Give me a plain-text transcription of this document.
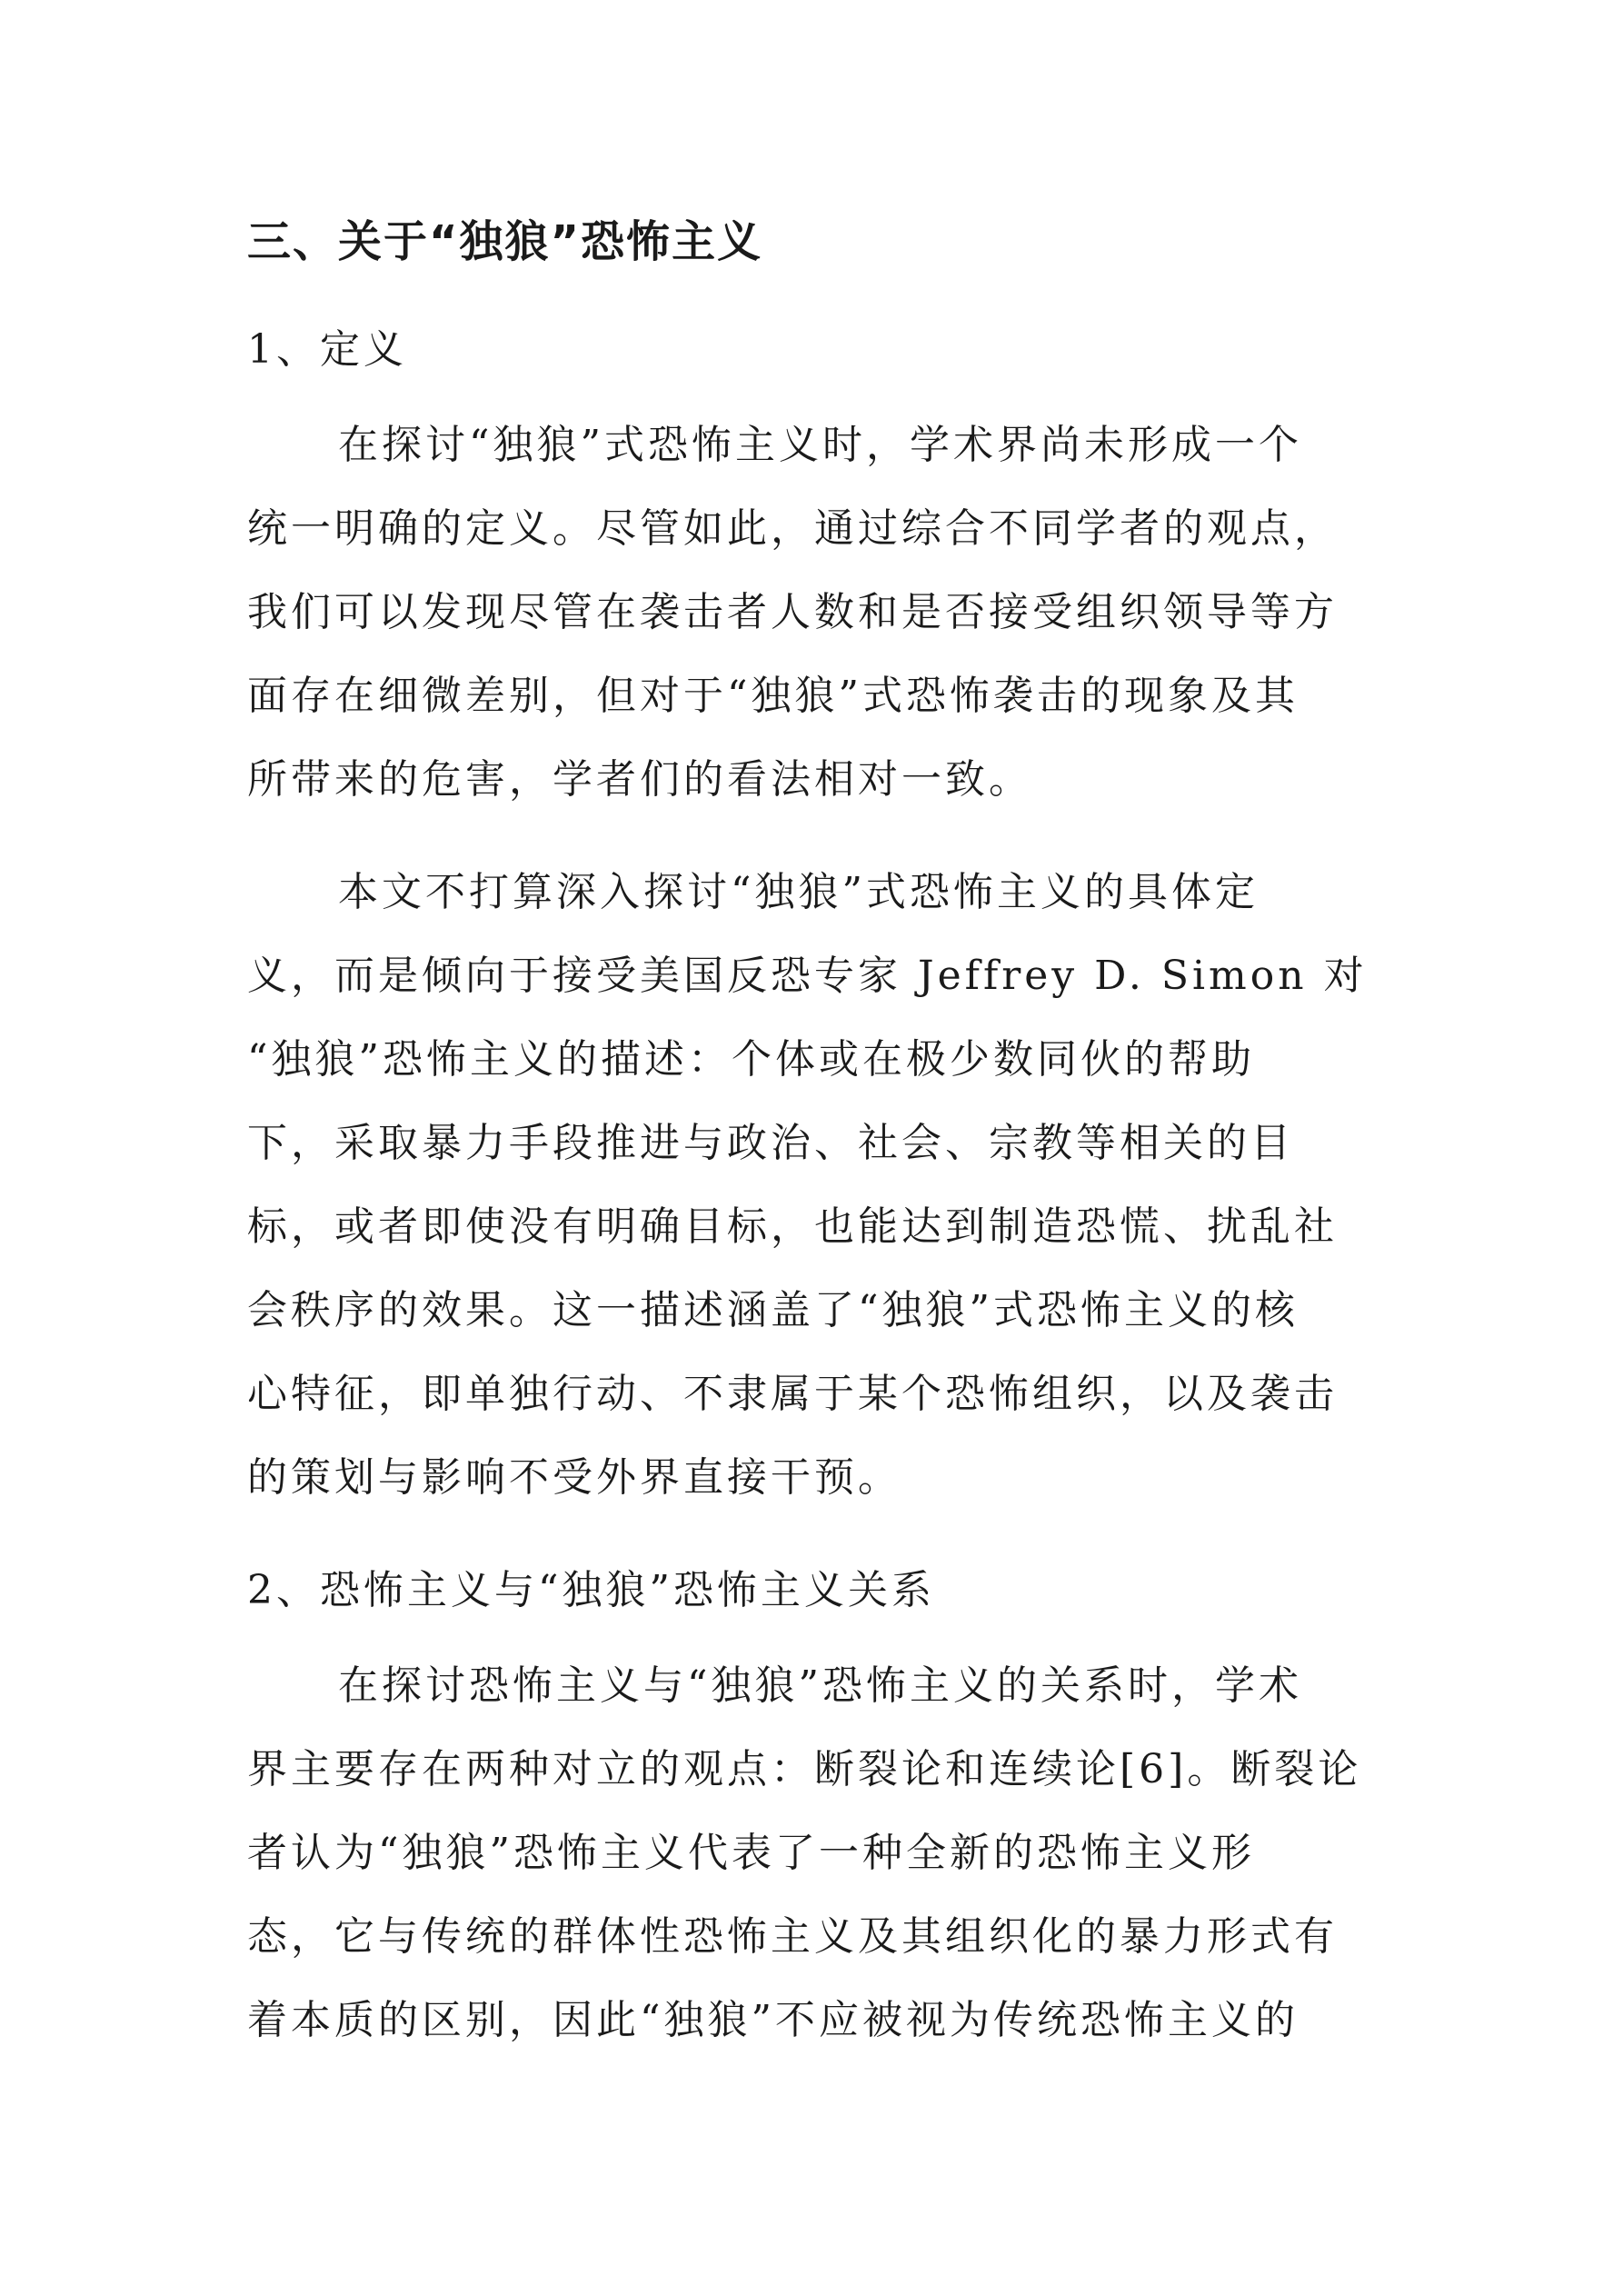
三、关于“独狼”恐怖主义
1、定义
在探讨“独狼”式恐怖主义时，学术界尚未形成一个
统一明确的定义。尽管如此，通过综合不同学者的观点，
我们可以发现尽管在袭击者人数和是否接受组织领导等方
面存在细微差别，但对于“独狼”式恐怖袭击的现象及其
所带来的危害，学者们的看法相对一致。
本文不打算深入探讨“独狼”式恐怖主义的具体定
义，而是倾向于接受美国反恐专家 Jeffrey D. Simon 对
“独狼”恐怖主义的描述：个体或在极少数同伙的帮助
下，采取暴力手段推进与政治、社会、宗教等相关的目
标，或者即使没有明确目标，也能达到制造恐慌、扰乱社
会秩序的效果。这一描述涵盖了“独狼”式恐怖主义的核
心特征，即单独行动、不隶属于某个恐怖组织，以及袭击
的策划与影响不受外界直接干预。
2、恐怖主义与“独狼”恐怖主义关系
在探讨恐怖主义与“独狼”恐怖主义的关系时，学术
界主要存在两种对立的观点：断裂论和连续论[6]。断裂论
者认为“独狼”恐怖主义代表了一种全新的恐怖主义形
态，它与传统的群体性恐怖主义及其组织化的暴力形式有
着本质的区别，因此“独狼”不应被视为传统恐怖主义的
